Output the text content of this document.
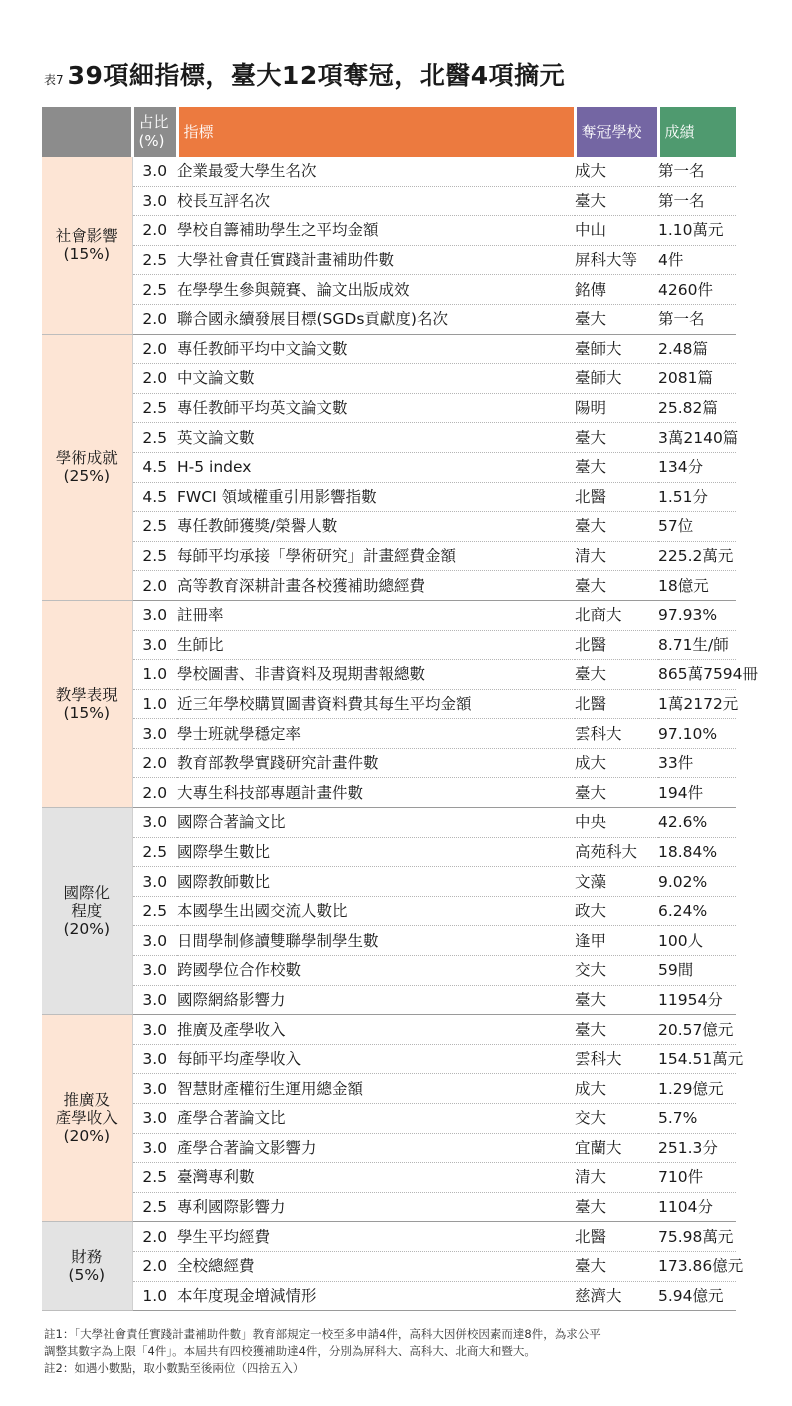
表7 39項細指標，臺大12項奪冠，北醫4項摘元

	占比
(%)	指標	奪冠學校	成績

社會影響
(15%)	3.0	企業最愛大學生名次	成大	第一名
	3.0	校長互評名次	臺大	第一名
	2.0	學校自籌補助學生之平均金額	中山	1.10萬元
	2.5	大學社會責任實踐計畫補助件數	屏科大等	4件
	2.5	在學學生參與競賽、論文出版成效	銘傳	4260件
	2.0	聯合國永續發展目標(SGDs貢獻度)名次	臺大	第一名

學術成就
(25%)	2.0	專任教師平均中文論文數	臺師大	2.48篇
	2.0	中文論文數	臺師大	2081篇
	2.5	專任教師平均英文論文數	陽明	25.82篇
	2.5	英文論文數	臺大	3萬2140篇
	4.5	H-5 index	臺大	134分
	4.5	FWCI 領域權重引用影響指數	北醫	1.51分
	2.5	專任教師獲獎/榮譽人數	臺大	57位
	2.5	每師平均承接「學術研究」計畫經費金額	清大	225.2萬元
	2.0	高等教育深耕計畫各校獲補助總經費	臺大	18億元

教學表現
(15%)	3.0	註冊率	北商大	97.93%
	3.0	生師比	北醫	8.71生/師
	1.0	學校圖書、非書資料及現期書報總數	臺大	865萬7594冊
	1.0	近三年學校購買圖書資料費其每生平均金額	北醫	1萬2172元
	3.0	學士班就學穩定率	雲科大	97.10%
	2.0	教育部教學實踐研究計畫件數	成大	33件
	2.0	大專生科技部專題計畫件數	臺大	194件

國際化
程度
(20%)	3.0	國際合著論文比	中央	42.6%
	2.5	國際學生數比	高苑科大	18.84%
	3.0	國際教師數比	文藻	9.02%
	2.5	本國學生出國交流人數比	政大	6.24%
	3.0	日間學制修讀雙聯學制學生數	逢甲	100人
	3.0	跨國學位合作校數	交大	59間
	3.0	國際網絡影響力	臺大	11954分

推廣及
產學收入
(20%)	3.0	推廣及產學收入	臺大	20.57億元
	3.0	每師平均產學收入	雲科大	154.51萬元
	3.0	智慧財產權衍生運用總金額	成大	1.29億元
	3.0	產學合著論文比	交大	5.7%
	3.0	產學合著論文影響力	宜蘭大	251.3分
	2.5	臺灣專利數	清大	710件
	2.5	專利國際影響力	臺大	1104分

財務
(5%)	2.0	學生平均經費	北醫	75.98萬元
	2.0	全校總經費	臺大	173.86億元
	1.0	本年度現金增減情形	慈濟大	5.94億元

註1：「大學社會責任實踐計畫補助件數」教育部規定一校至多申請4件，高科大因併校因素而達8件，為求公平

調整其數字為上限「4件」。本屆共有四校獲補助達4件，分別為屏科大、高科大、北商大和暨大。

註2：如遇小數點，取小數點至後兩位（四捨五入）
